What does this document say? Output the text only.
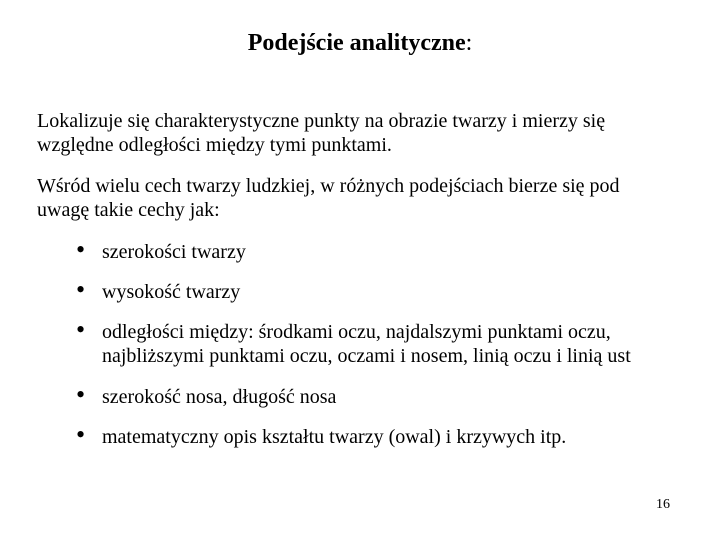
Podejście analityczne:

Lokalizuje się charakterystyczne punkty na obrazie twarzy i mierzy się
względne odległości między tymi punktami.

Wśród wielu cech twarzy ludzkiej, w różnych podejściach bierze się pod
uwagę takie cechy jak:

• szerokości twarzy
• wysokość twarzy
• odległości między: środkami oczu, najdalszymi punktami oczu,
najbliższymi punktami oczu, oczami i nosem, linią oczu i linią ust
• szerokość nosa, długość nosa
• matematyczny opis kształtu twarzy (owal) i krzywych itp.
16
